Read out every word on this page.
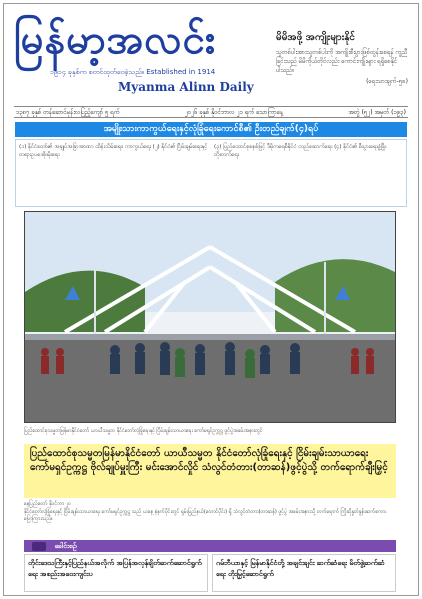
မြန်မာ့အလင်း
၁၉၁၄ ခုနှစ်က စတင်ထုတ်ဝေခဲ့သည်။ Established in 1914
Myanma Alinn Daily
မိမိအဖို့ အကျိုးများနိုင်
သူတစ်ပါးအားသူတစ်ပါးကို အကျိုးစီးပွားဖြစ်ထွန်းစေရန် ကူညီခြင်းသည် မိမိကိုယ်တိုင်လည်း ကောင်းကျိုးများ ရရှိစေနိုင်ပါသည်။
(ရေးသားချက်-၅၈)
၁၃၈၇ ခုနှစ် တန်ဆောင်မုန်းလပြည့်ကျော် ၅ ရက်	၂၀၂၆ ခုနှစ် နိုဝင်ဘာလ ၂၁ ရက် သောကြာနေ့	အတွဲ (၅၂) အမှတ် (၁၉၃)
အမျိုးသားကာကွယ်ရေးနှင့်လုံခြုံရေးကောင်စီ၏ ဦးတည်ချက်(၄)ရပ်
(၁) နိုင်ငံတော်၏ အချုပ်အခြာအာဏာ ထိန်းသိမ်းရေး၊ ကာကွယ်ရေး (၂) နိုင်ငံ၏ ငြိမ်းချမ်းရေးနှင့် တရားဥပဒေစိုးမိုးရေး
(၃) ပြည်ထောင်စုစနစ်ဖြင့် ဒီမိုကရေစီနိုင်ငံ တည်ဆောက်ရေး (၄) နိုင်ငံ၏ စီးပွားရေးဖွံ့ဖြိုးတိုးတက်ရေး
ပြည်ထောင်စုသမ္မတမြန်မာနိုင်ငံတော် ယာယီသမ္မတ နိုင်ငံတော်လုံခြုံရေးနှင့် ငြိမ်းချမ်းသာယာရေး ကော်မရှင်ဥက္ကဋ္ဌ ဖွင့်ပွဲအခမ်းအနားတွင်
ပြည်ထောင်စုသမ္မတမြန်မာနိုင်ငံတော် ယာယီသမ္မတ နိုင်ငံတော်လုံခြုံရေးနှင့် ငြိမ်းချမ်းသာယာရေး ကော်မရှင်ဥက္ကဋ္ဌ ဗိုလ်ချုပ်မှူးကြီး မင်းအောင်လှိုင် သံလွင်တံတား(တာဆန်)ဖွင့်ပွဲသို့ တက်ရောက်ချီးမြှင့်
နေပြည်တော် နိုဝင်ဘာ ၂၀
နိုင်ငံတော်လုံခြုံရေးနှင့် ငြိမ်းချမ်းသာယာရေး ကော်မရှင်ဥက္ကဋ္ဌ သည် ယနေ့ နံနက်ပိုင်းတွင် ရှမ်းပြည်နယ်(တောင်ပိုင်း) ရှိ သံလွင်တံတား(တာဆန်) ဖွင့်ပွဲ အခမ်းအနားသို့ တက်ရောက် ကြိုဆိုနှုတ်ခွန်းဆက်စကား ပြောကြားသည်။
ခေါင်းစဉ်
တိုင်းဒေသကြီးနှင့်ပြည်နယ်အလိုက် အပြန်အလှန်ချိတ်ဆက်ဆောင်ရွက်ရေး အစည်းအဝေးကျင်းပ
ဂမ်ဘီယာနှင့် မြန်မာနိုင်ငံတို့ အချင်းချင်း ဆက်ဆံရေး မိတ်ဖွဲ့ဆက်ဆံရေး တိုးမြှင့်ဆောင်ရွက်
